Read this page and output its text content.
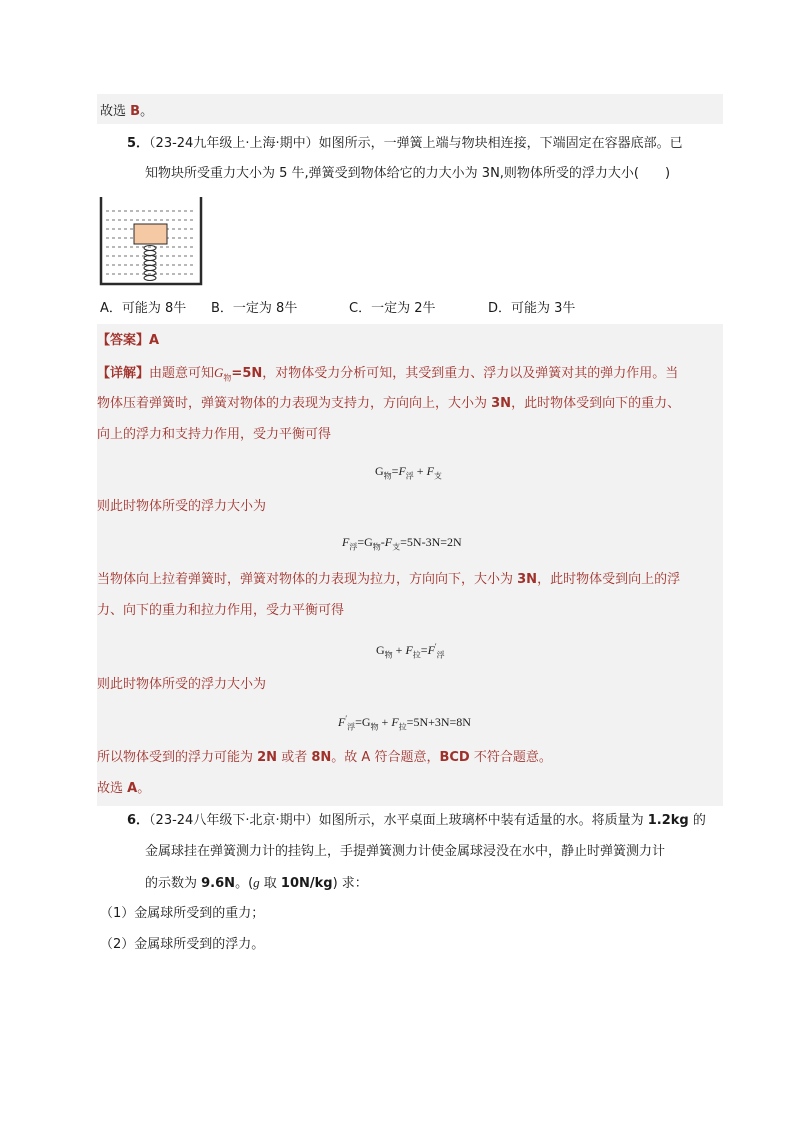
故选 B。
5．（23-24九年级上·上海·期中）如图所示，一弹簧上端与物块相连接，下端固定在容器底部。已
知物块所受重力大小为 5 牛,弹簧受到物体给它的力大小为 3N,则物体所受的浮力大小(　　)
A．可能为 8牛 B．一定为 8牛	C．一定为 2牛	D．可能为 3牛
【答案】A
【详解】由题意可知$G_物=5N$，对物体受力分析可知，其受到重力、浮力以及弹簧对其的弹力作用。当
物体压着弹簧时，弹簧对物体的力表现为支持力，方向向上，大小为 3N，此时物体受到向下的重力、
向上的浮力和支持力作用，受力平衡可得
$G_物=F_浮 + F_支$
则此时物体所受的浮力大小为
$F_浮=G_物-F_支=5N-3N=2N$
当物体向上拉着弹簧时，弹簧对物体的力表现为拉力，方向向下，大小为 3N，此时物体受到向上的浮
力、向下的重力和拉力作用，受力平衡可得
$G_物 + F_拉=F'_浮$
则此时物体所受的浮力大小为
$F'_浮=G_物 + F_拉=5N+3N=8N$
所以物体受到的浮力可能为 2N 或者 8N。故 A 符合题意，BCD 不符合题意。
故选 A。
6．（23-24八年级下·北京·期中）如图所示，水平桌面上玻璃杯中装有适量的水。将质量为 1.2kg 的
金属球挂在弹簧测力计的挂钩上，手提弹簧测力计使金属球浸没在水中，静止时弹簧测力计
的示数为 9.6N。(g 取 10N/kg) 求：
（1）金属球所受到的重力；
（2）金属球所受到的浮力。
